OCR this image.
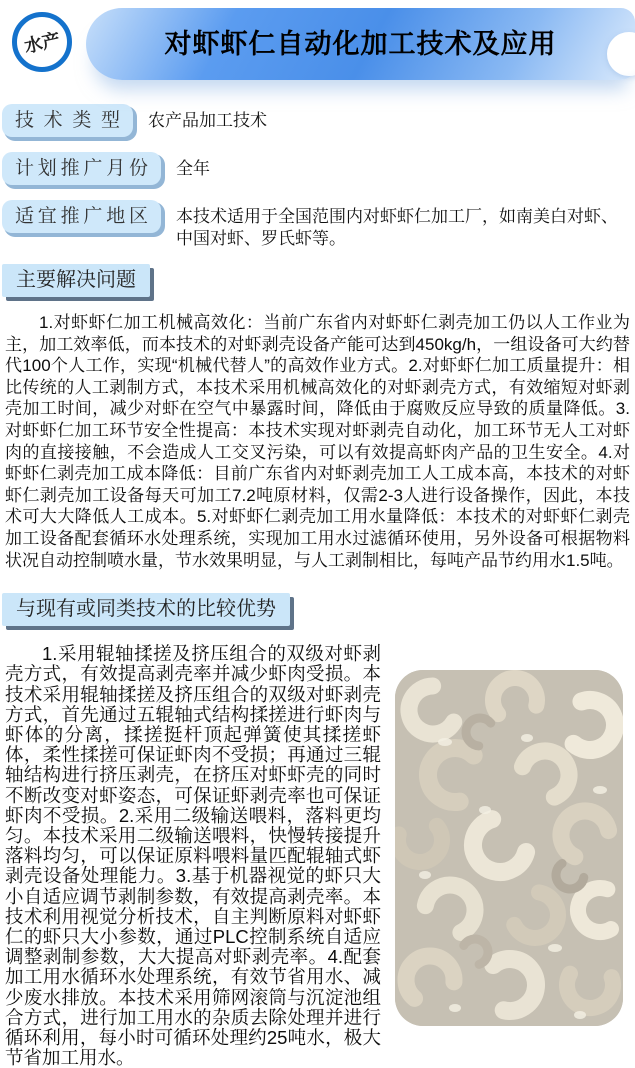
水产	对虾虾仁自动化加工技术及应用
技术类型	农产品加工技术
计划推广月份	全年
适宜推广地区	本技术适用于全国范围内对虾虾仁加工厂，如南美白对虾、中国对虾、罗氏虾等。
主要解决问题

1.对虾虾仁加工机械高效化：当前广东省内对虾虾仁剥壳加工仍以人工作业为主，加工效率低，而本技术的对虾剥壳设备产能可达到450kg/h，一组设备可大约替代100个人工作，实现“机械代替人”的高效作业方式。2.对虾虾仁加工质量提升：相比传统的人工剥制方式，本技术采用机械高效化的对虾剥壳方式，有效缩短对虾剥壳加工时间，减少对虾在空气中暴露时间，降低由于腐败反应导致的质量降低。3.对虾虾仁加工环节安全性提高：本技术实现对虾剥壳自动化，加工环节无人工对虾肉的直接接触，不会造成人工交叉污染，可以有效提高虾肉产品的卫生安全。4.对虾虾仁剥壳加工成本降低：目前广东省内对虾剥壳加工人工成本高，本技术的对虾虾仁剥壳加工设备每天可加工7.2吨原材料，仅需2-3人进行设备操作，因此，本技术可大大降低人工成本。5.对虾虾仁剥壳加工用水量降低：本技术的对虾虾仁剥壳加工设备配套循环水处理系统，实现加工用水过滤循环使用，另外设备可根据物料状况自动控制喷水量，节水效果明显，与人工剥制相比，每吨产品节约用水1.5吨。

与现有或同类技术的比较优势
1.采用辊轴揉搓及挤压组合的双级对虾剥壳方式，有效提高剥壳率并减少虾肉受损。本技术采用辊轴揉搓及挤压组合的双级对虾剥壳方式，首先通过五辊轴式结构揉搓进行虾肉与虾体的分离，揉搓挺杆顶起弹簧使其揉搓虾体，柔性揉搓可保证虾肉不受损；再通过三辊轴结构进行挤压剥壳，在挤压对虾虾壳的同时不断改变对虾姿态，可保证虾剥壳率也可保证虾肉不受损。2.采用二级输送喂料，落料更均匀。本技术采用二级输送喂料，快慢转接提升落料均匀，可以保证原料喂料量匹配辊轴式虾剥壳设备处理能力。3.基于机器视觉的虾只大小自适应调节剥制参数，有效提高剥壳率。本技术利用视觉分析技术，自主判断原料对虾虾仁的虾只大小参数，通过PLC控制系统自适应调整剥制参数，大大提高对虾剥壳率。4.配套加工用水循环水处理系统，有效节省用水、减少废水排放。本技术采用筛网滚筒与沉淀池组合方式，进行加工用水的杂质去除处理并进行循环利用，每小时可循环处理约25吨水，极大节省加工用水。
